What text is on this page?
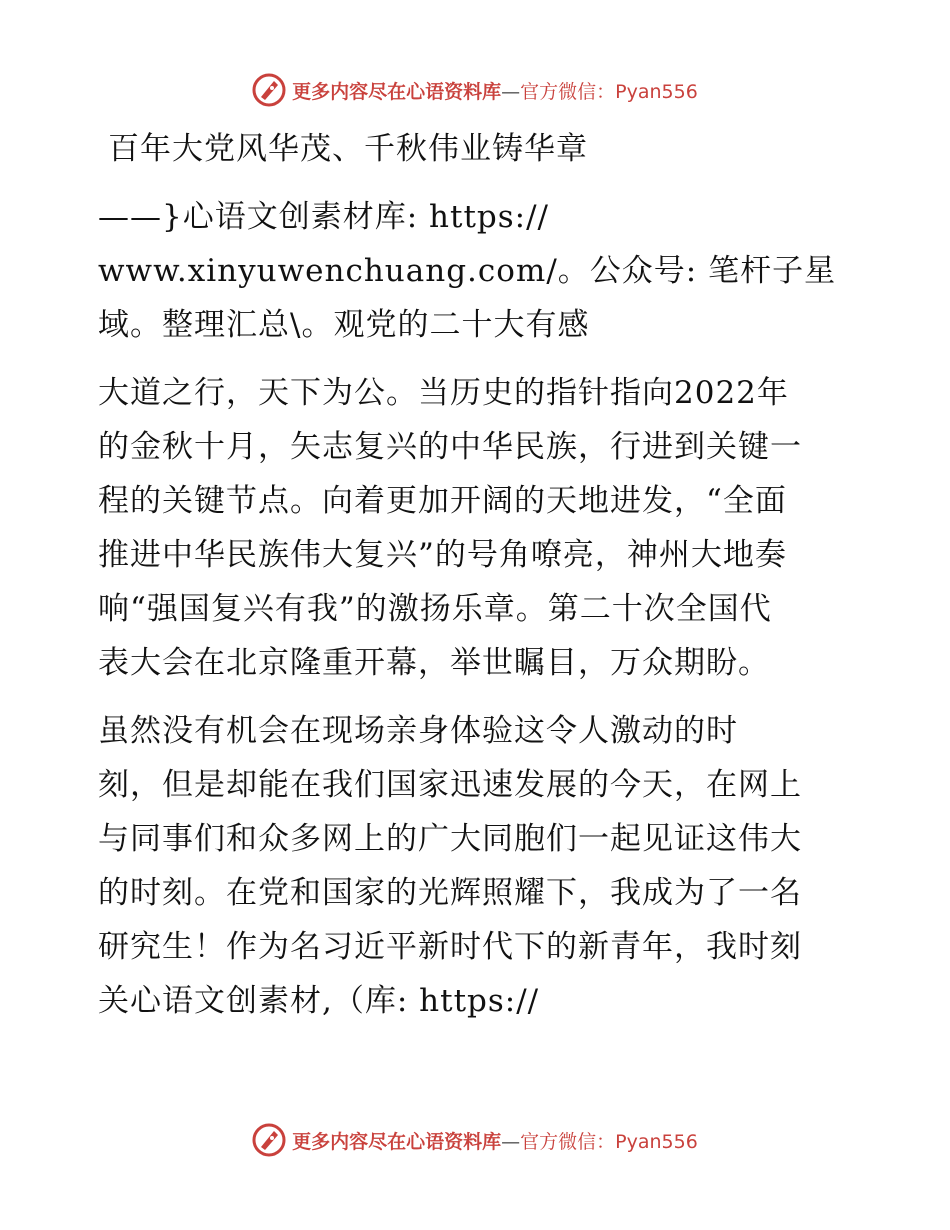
更多内容尽在心语资料库—官方微信：Pyan556

百年大党风华茂、千秋伟业铸华章

——}心语文创素材库: https://
www.xinyuwenchuang.com/。公众号: 笔杆子星
域。整理汇总\。观党的二十大有感

大道之行，天下为公。当历史的指针指向2022年
的金秋十月，矢志复兴的中华民族，行进到关键一
程的关键节点。向着更加开阔的天地进发，“全面
推进中华民族伟大复兴”的号角嘹亮，神州大地奏
响“强国复兴有我”的激扬乐章。第二十次全国代
表大会在北京隆重开幕，举世瞩目，万众期盼。

虽然没有机会在现场亲身体验这令人激动的时
刻，但是却能在我们国家迅速发展的今天，在网上
与同事们和众多网上的广大同胞们一起见证这伟大
的时刻。在党和国家的光辉照耀下，我成为了一名
研究生！作为名习近平新时代下的新青年，我时刻
关心语文创素材,（库: https://

更多内容尽在心语资料库—官方微信：Pyan556
